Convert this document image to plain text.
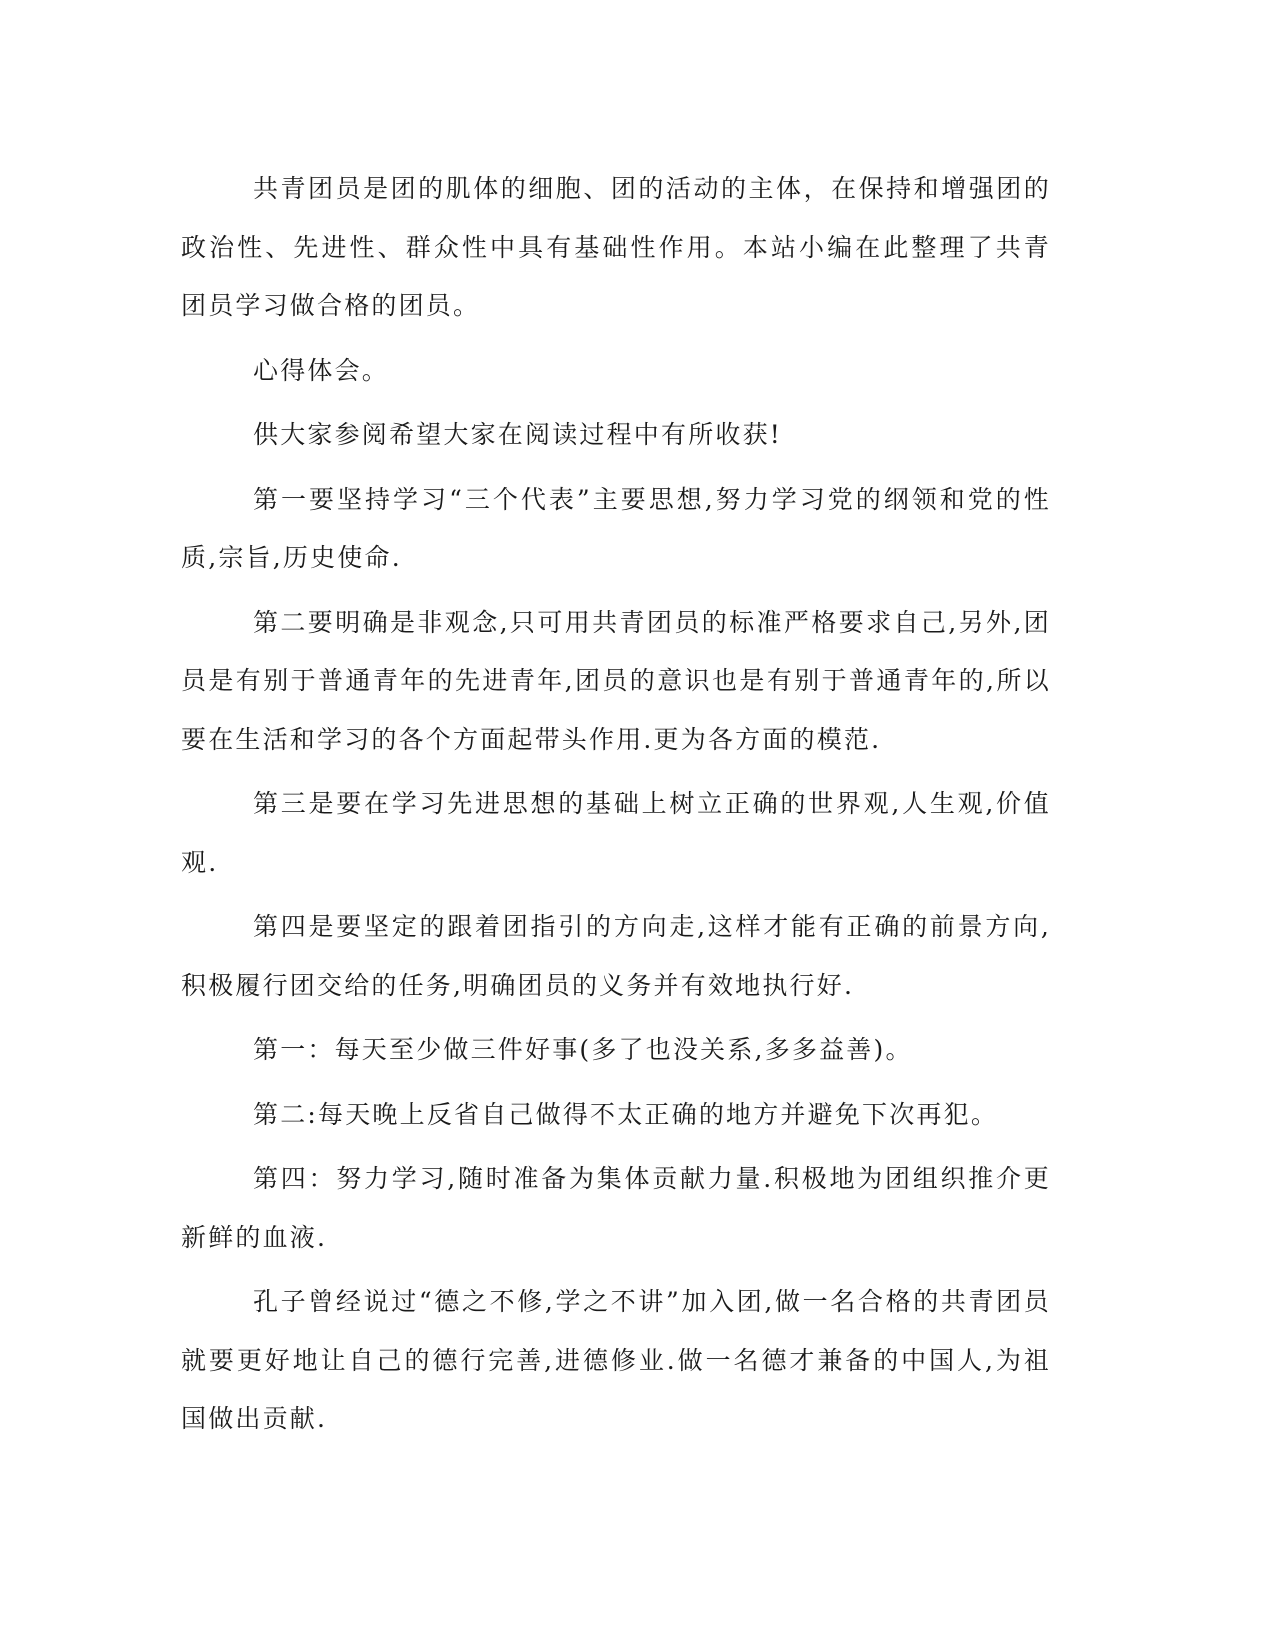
共青团员是团的肌体的细胞、团的活动的主体，在保持和增强团的政治性、先进性、群众性中具有基础性作用。本站小编在此整理了共青团员学习做合格的团员。

心得体会。

供大家参阅希望大家在阅读过程中有所收获!

第一要坚持学习“三个代表”主要思想,努力学习党的纲领和党的性质,宗旨,历史使命.

第二要明确是非观念,只可用共青团员的标准严格要求自己,另外,团员是有别于普通青年的先进青年,团员的意识也是有别于普通青年的,所以要在生活和学习的各个方面起带头作用.更为各方面的模范.

第三是要在学习先进思想的基础上树立正确的世界观,人生观,价值观.

第四是要坚定的跟着团指引的方向走,这样才能有正确的前景方向,积极履行团交给的任务,明确团员的义务并有效地执行好.

第一：每天至少做三件好事(多了也没关系,多多益善)。

第二:每天晚上反省自己做得不太正确的地方并避免下次再犯。

第四：努力学习,随时准备为集体贡献力量.积极地为团组织推介更新鲜的血液.

孔子曾经说过“德之不修,学之不讲”加入团,做一名合格的共青团员就要更好地让自己的德行完善,进德修业.做一名德才兼备的中国人,为祖国做出贡献.
